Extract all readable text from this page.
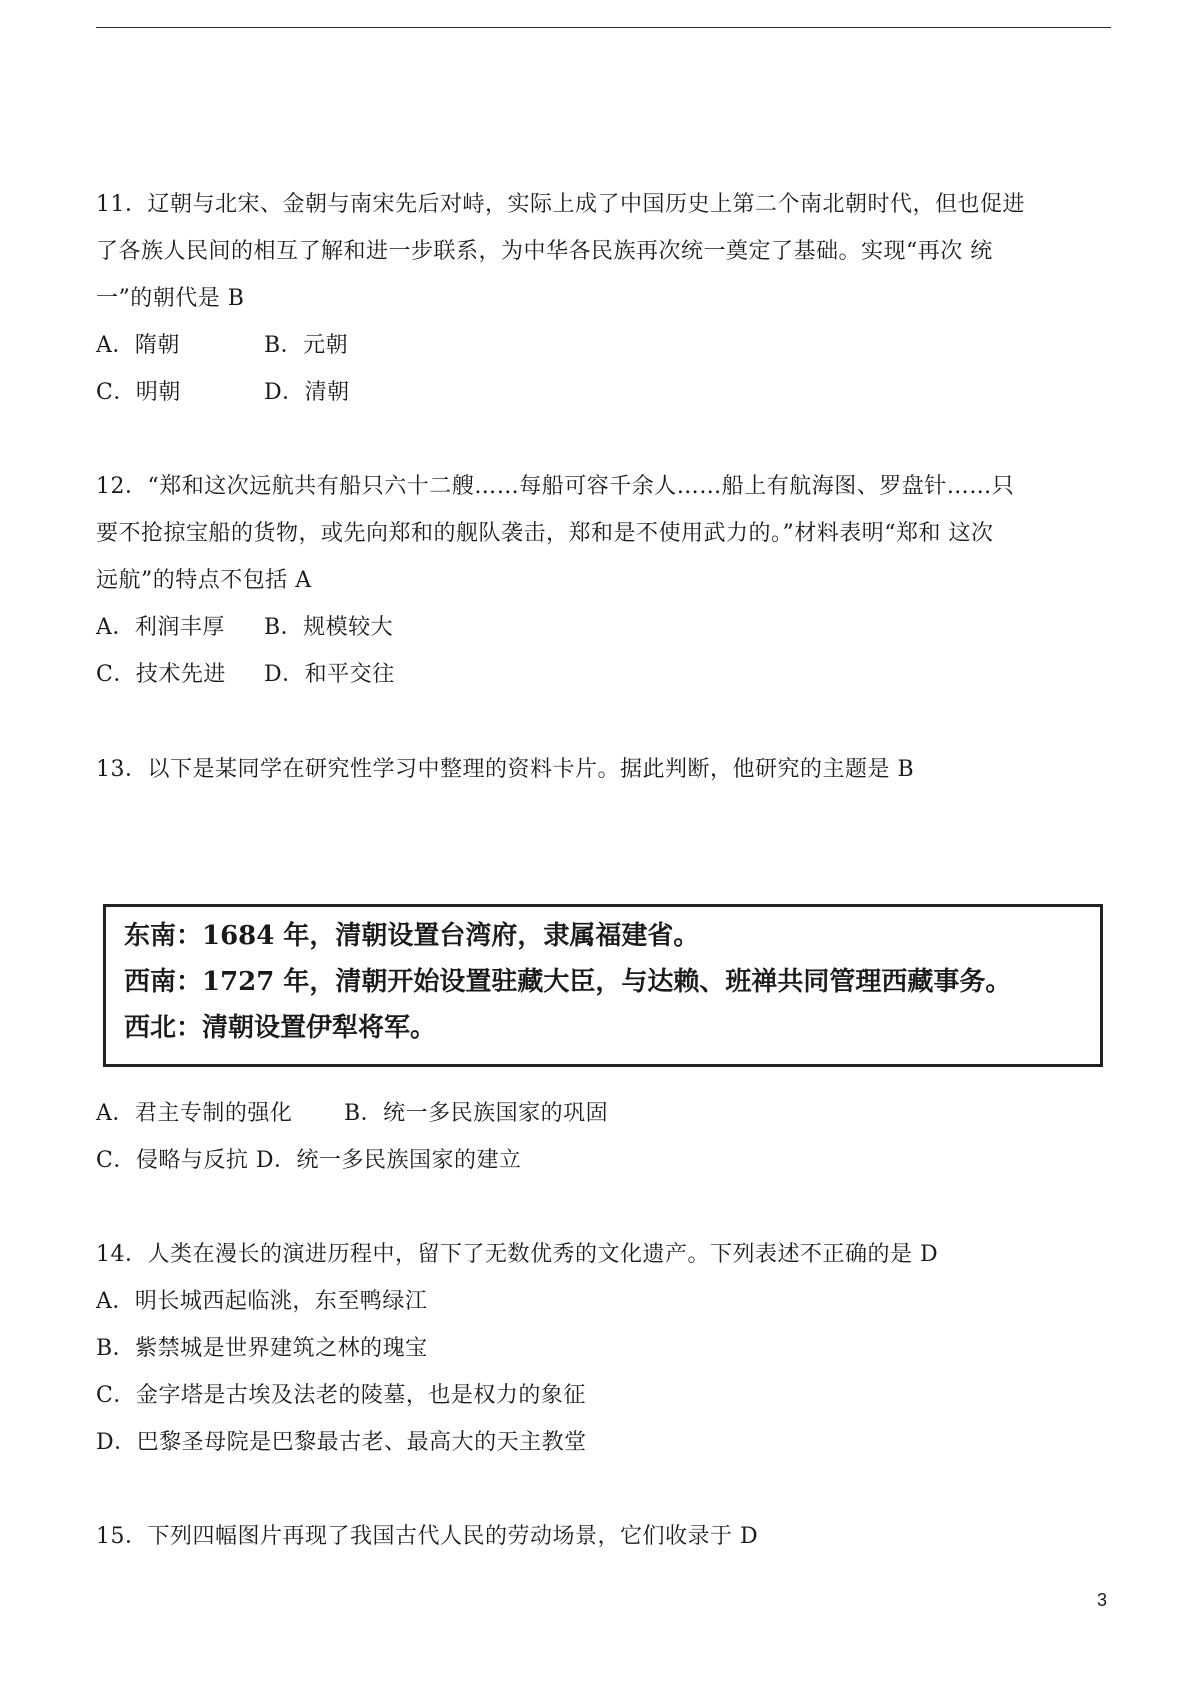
11．辽朝与北宋、金朝与南宋先后对峙，实际上成了中国历史上第二个南北朝时代，但也促进
了各族人民间的相互了解和进一步联系，为中华各民族再次统一奠定了基础。实现“再次 统
一”的朝代是 B
A．隋朝	B．元朝
C．明朝	D．清朝
12．“郑和这次远航共有船只六十二艘……每船可容千余人……船上有航海图、罗盘针……只
要不抢掠宝船的货物，或先向郑和的舰队袭击，郑和是不使用武力的。”材料表明“郑和 这次
远航”的特点不包括 A
A．利润丰厚 B．规模较大
C．技术先进 D．和平交往
13．以下是某同学在研究性学习中整理的资料卡片。据此判断，他研究的主题是 B
东南：1684 年，清朝设置台湾府，隶属福建省。
西南：1727 年，清朝开始设置驻藏大臣，与达赖、班禅共同管理西藏事务。
西北：清朝设置伊犁将军。
A．君主专制的强化 B．统一多民族国家的巩固
C．侵略与反抗 D．统一多民族国家的建立
14．人类在漫长的演进历程中，留下了无数优秀的文化遗产。下列表述不正确的是 D
A．明长城西起临洮，东至鸭绿江
B．紫禁城是世界建筑之林的瑰宝
C．金字塔是古埃及法老的陵墓，也是权力的象征
D．巴黎圣母院是巴黎最古老、最高大的天主教堂
15．下列四幅图片再现了我国古代人民的劳动场景，它们收录于 D
3
